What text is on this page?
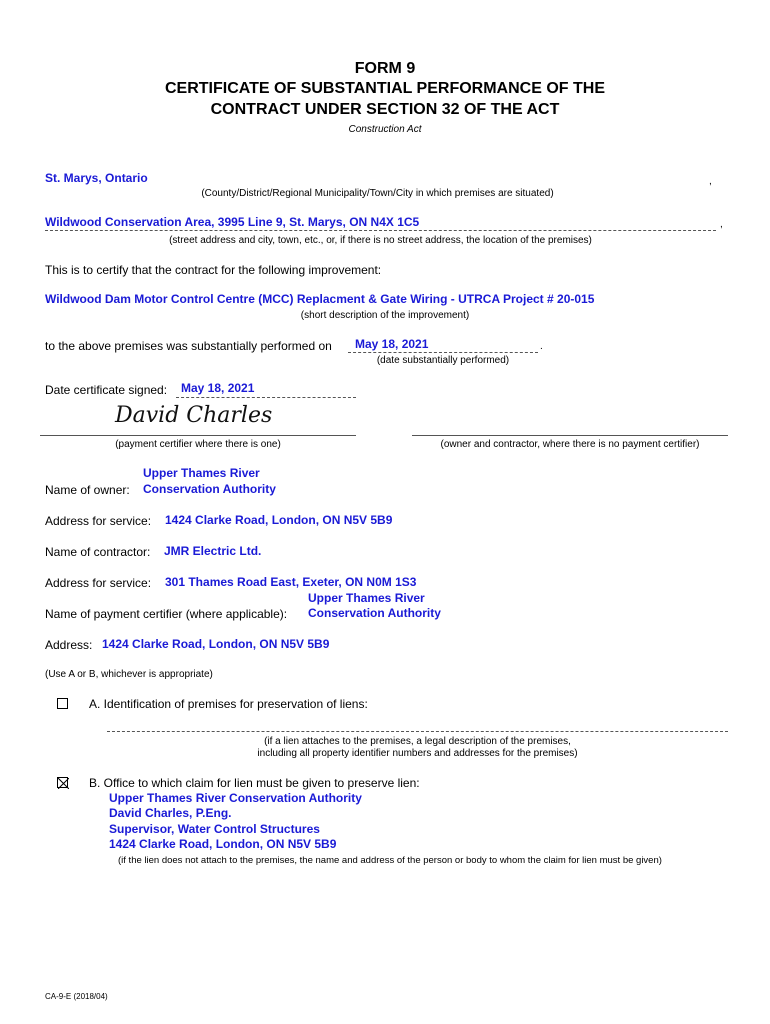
FORM 9
CERTIFICATE OF SUBSTANTIAL PERFORMANCE OF THE
CONTRACT UNDER SECTION 32 OF THE ACT
Construction Act
St. Marys, Ontario	,
(County/District/Regional Municipality/Town/City in which premises are situated)
Wildwood Conservation Area, 3995 Line 9, St. Marys, ON N4X 1C5	,
(street address and city, town, etc., or, if there is no street address, the location of the premises)
This is to certify that the contract for the following improvement:
Wildwood Dam Motor Control Centre (MCC) Replacment & Gate Wiring - UTRCA Project # 20-015
(short description of the improvement)
to the above premises was substantially performed on May 18, 2021	.
(date substantially performed)
Date certificate signed: May 18, 2021
David Charles
(payment certifier where there is one)	(owner and contractor, where there is no payment certifier)
Upper Thames River
Name of owner: Conservation Authority
Address for service: 1424 Clarke Road, London, ON N5V 5B9
Name of contractor: JMR Electric Ltd.
Address for service: 301 Thames Road East, Exeter, ON N0M 1S3
Upper Thames River
Name of payment certifier (where applicable): Conservation Authority
Address: 1424 Clarke Road, London, ON N5V 5B9
(Use A or B, whichever is appropriate)
A. Identification of premises for preservation of liens:
(if a lien attaches to the premises, a legal description of the premises,
including all property identifier numbers and addresses for the premises)
B. Office to which claim for lien must be given to preserve lien:
Upper Thames River Conservation Authority
David Charles, P.Eng.
Supervisor, Water Control Structures
1424 Clarke Road, London, ON N5V 5B9
(if the lien does not attach to the premises, the name and address of the person or body to whom the claim for lien must be given)
CA-9-E (2018/04)
